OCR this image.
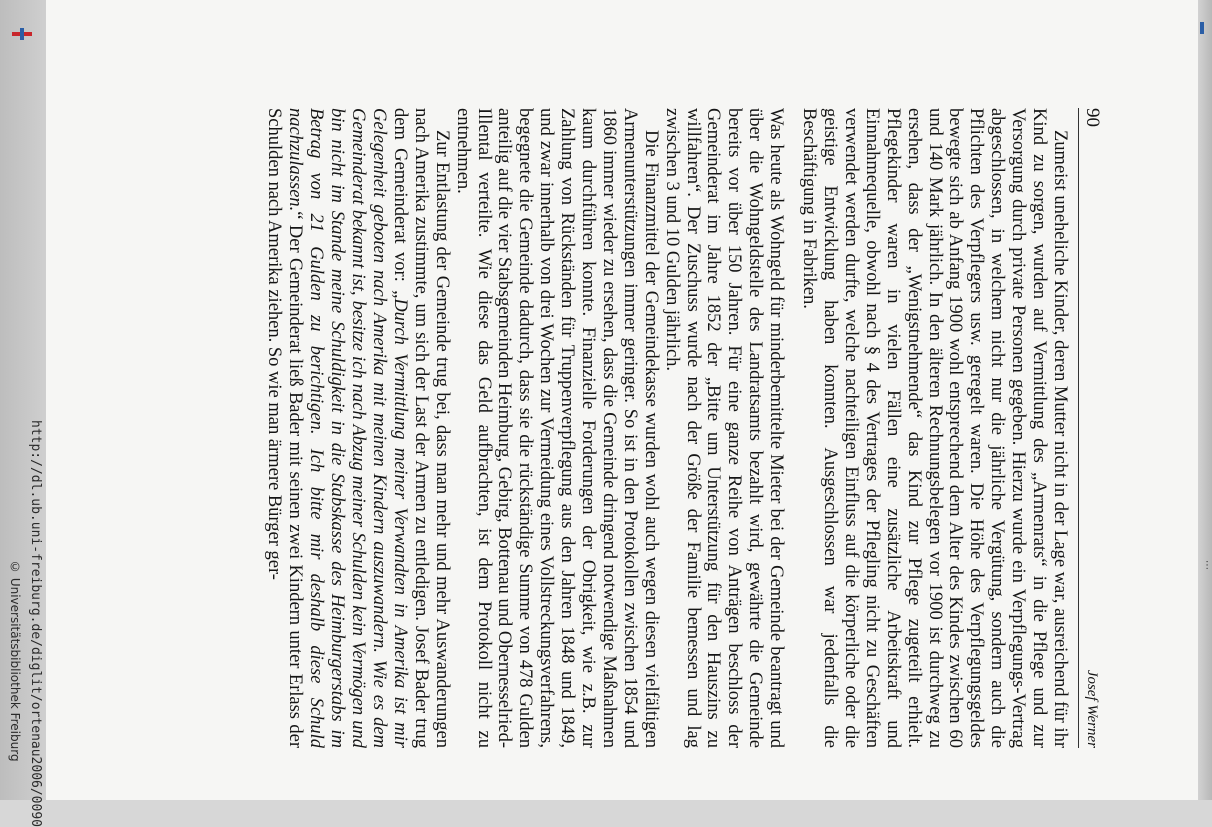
http://dl.ub.uni-freiburg.de/diglit/ortenau2006/0090
© Universitätsbibliothek Freiburg	⋯
90
Josef Werner

Zumeist uneheliche Kinder, deren Mutter nicht in der Lage war, ausreichend für ihr Kind zu sorgen, wurden auf Vermittlung des „Armenrats“ in die Pflege und zur Versorgung durch private Personen gegeben. Hierzu wurde ein Verpflegungs-Vertrag abgeschlossen, in welchem nicht nur die jährliche Vergütung, sondern auch die Pflichten des Verpflegers usw. geregelt waren. Die Höhe des Verpflegungsgeldes bewegte sich ab Anfang 1900 wohl entsprechend dem Alter des Kindes zwischen 60 und 140 Mark jährlich. In den älteren Rechnungsbelegen vor 1900 ist durchweg zu ersehen, dass der „Wenigstnehmende“ das Kind zur Pflege zugeteilt erhielt. Pflegekinder waren in vielen Fällen eine zusätzliche Arbeitskraft und Einnahmequelle, obwohl nach § 4 des Vertrages der Pflegling nicht zu Geschäften verwendet werden durfte, welche nachteiligen Einfluss auf die körperliche oder die geistige Entwicklung haben konnten. Ausgeschlossen war jedenfalls die Beschäftigung in Fabriken.

Was heute als Wohngeld für minderbemittelte Mieter bei der Gemeinde beantragt und über die Wohngeldstelle des Landratsamts bezahlt wird, gewährte die Gemeinde bereits vor über 150 Jahren. Für eine ganze Reihe von Anträgen beschloss der Gemeinderat im Jahre 1852 der „Bitte um Unterstützung für den Hauszins zu willfahren“. Der Zuschuss wurde nach der Größe der Familie bemessen und lag zwischen 3 und 10 Gulden jährlich.

Die Finanzmittel der Gemeindekasse wurden wohl auch wegen diesen vielfältigen Armenunterstützungen immer geringer. So ist in den Protokollen zwischen 1854 und 1860 immer wieder zu ersehen, dass die Gemeinde dringend notwendige Maßnahmen kaum durchführen konnte. Finanzielle Forderungen der Obrigkeit, wie z.B. zur Zahlung von Rückständen für Truppenverpflegung aus den Jahren 1848 und 1849, und zwar innerhalb von drei Wochen zur Vermeidung eines Vollstreckungsverfahrens, begegnete die Gemeinde dadurch, dass sie die rückständige Summe von 478 Gulden anteilig auf die vier Stabsgemeinden Heimburg, Gebirg, Bottenau und Obernesselried-Illental verteilte. Wie diese das Geld aufbrachten, ist dem Protokoll nicht zu entnehmen.

Zur Entlastung der Gemeinde trug bei, dass man mehr und mehr Auswanderungen nach Amerika zustimmte, um sich der Last der Armen zu entledigen. Josef Bader trug dem Gemeinderat vor: „Durch Vermittlung meiner Verwandten in Amerika ist mir Gelegenheit geboten nach Amerika mit meinen Kindern auszuwandern. Wie es dem Gemeinderat bekannt ist, besitze ich nach Abzug meiner Schulden kein Vermögen und bin nicht im Stande meine Schuldigkeit in die Stabskasse des Heimburgerstabs im Betrag von 21 Gulden zu berichtigen. Ich bitte mir deshalb diese Schuld nachzulassen.“ Der Gemeinderat ließ Bader mit seinen zwei Kindern unter Erlass der Schulden nach Amerika ziehen. So wie man ärmere Bürger ger-
